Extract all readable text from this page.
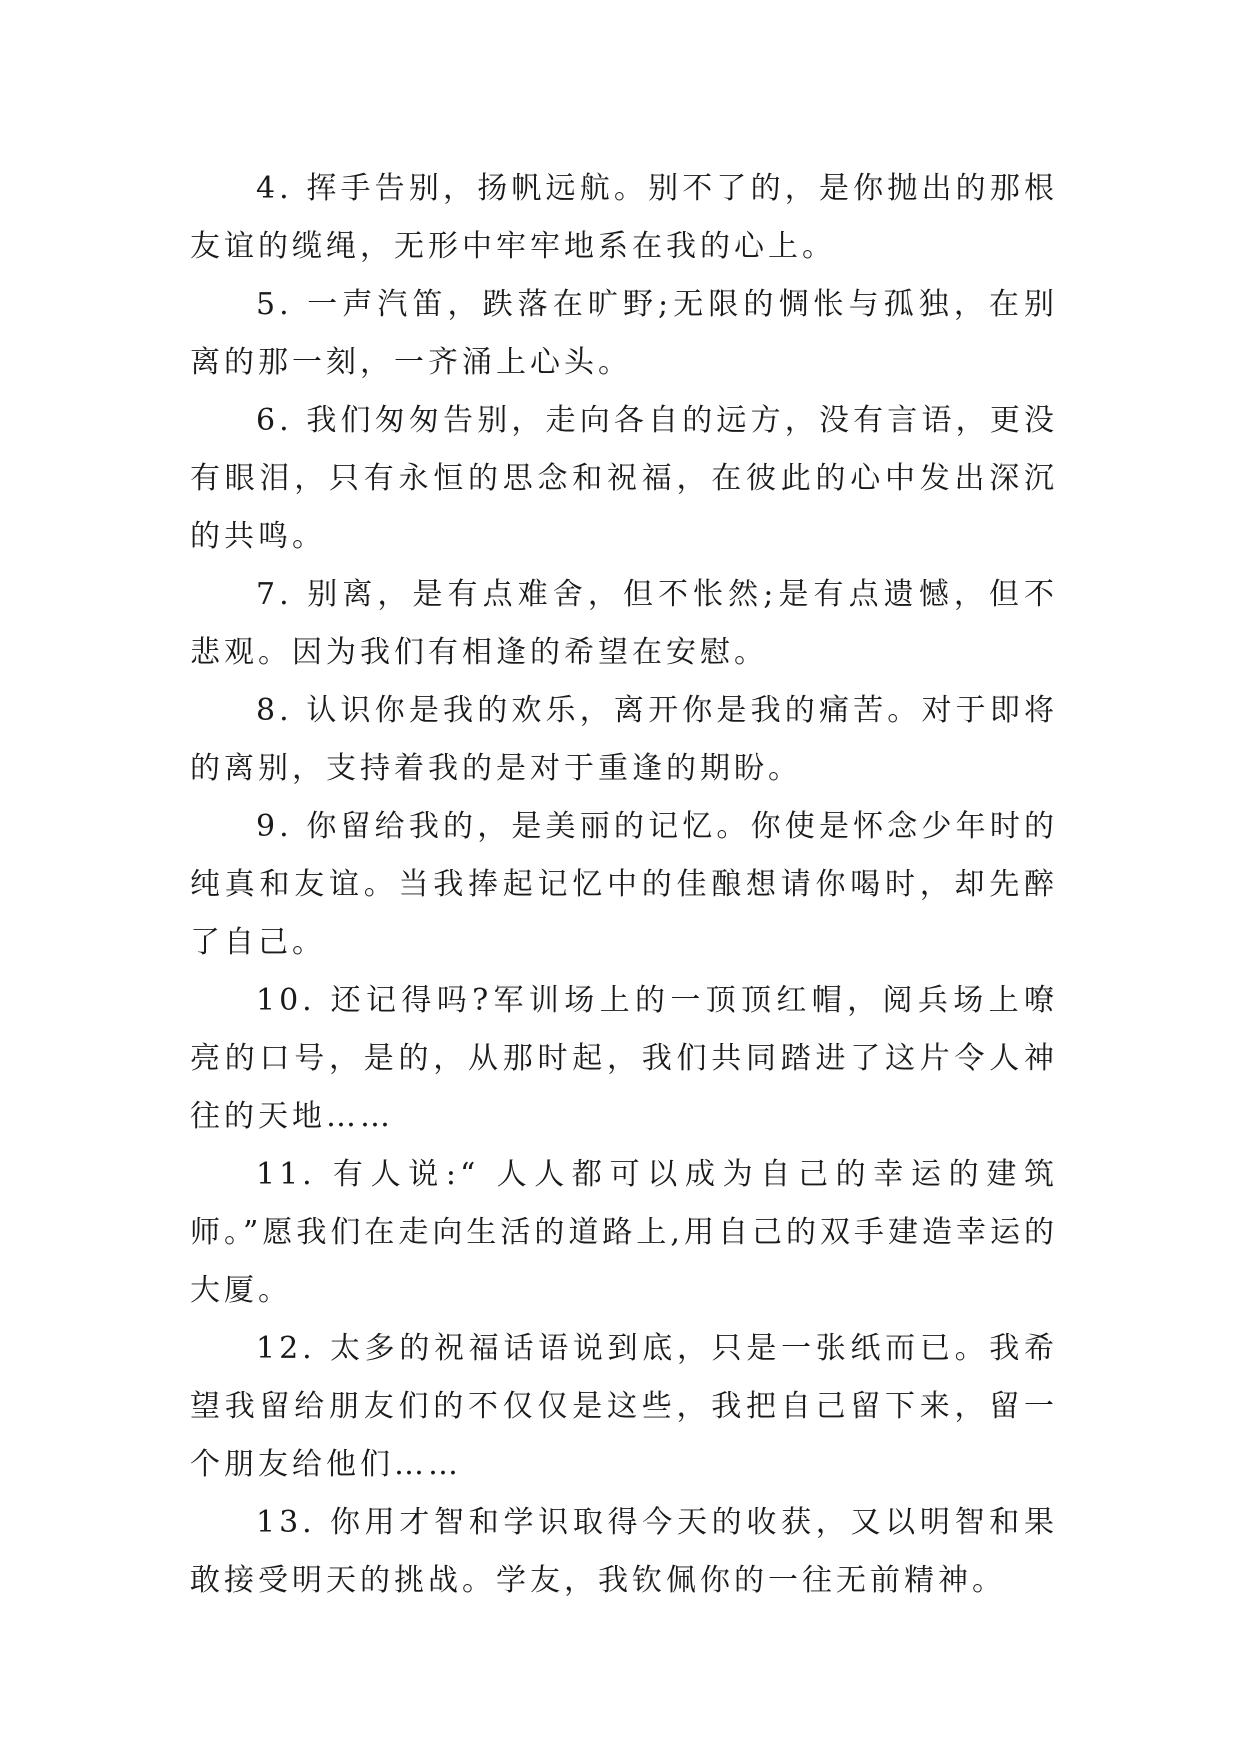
4. 挥手告别，扬帆远航。别不了的，是你抛出的那根友谊的缆绳，无形中牢牢地系在我的心上。

5. 一声汽笛，跌落在旷野;无限的惆怅与孤独，在别离的那一刻，一齐涌上心头。

6. 我们匆匆告别，走向各自的远方，没有言语，更没有眼泪，只有永恒的思念和祝福，在彼此的心中发出深沉的共鸣。

7. 别离，是有点难舍，但不怅然;是有点遗憾，但不悲观。因为我们有相逢的希望在安慰。

8. 认识你是我的欢乐，离开你是我的痛苦。对于即将的离别，支持着我的是对于重逢的期盼。

9. 你留给我的，是美丽的记忆。你使是怀念少年时的纯真和友谊。当我捧起记忆中的佳酿想请你喝时，却先醉了自己。

10. 还记得吗?军训场上的一顶顶红帽，阅兵场上嘹亮的口号，是的，从那时起，我们共同踏进了这片令人神往的天地……

11. 有人说:“ 人人都可以成为自己的幸运的建筑师。”愿我们在走向生活的道路上,用自己的双手建造幸运的大厦。

12. 太多的祝福话语说到底，只是一张纸而已。我希望我留给朋友们的不仅仅是这些，我把自己留下来，留一个朋友给他们……

13. 你用才智和学识取得今天的收获，又以明智和果敢接受明天的挑战。学友，我钦佩你的一往无前精神。
